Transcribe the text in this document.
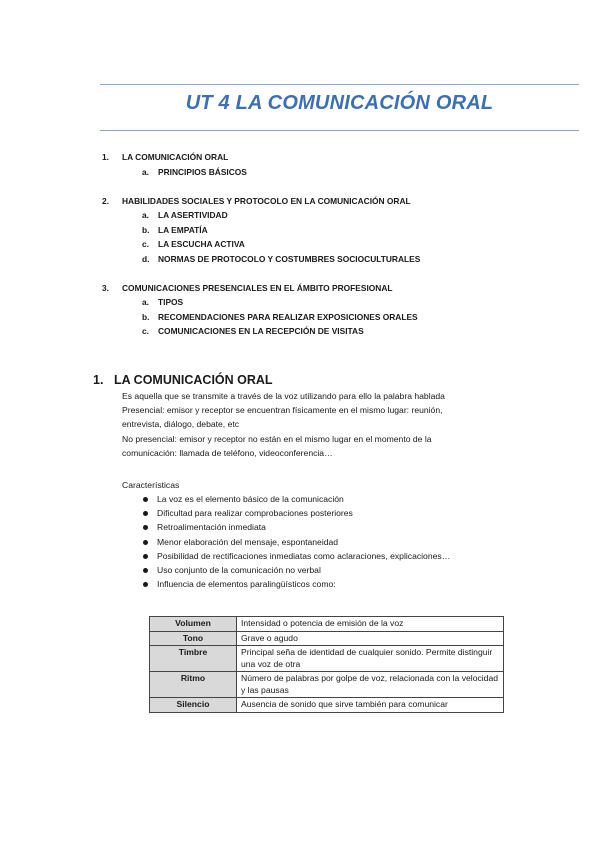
UT 4 LA COMUNICACIÓN ORAL
1. LA COMUNICACIÓN ORAL
a. PRINCIPIOS BÁSICOS
2. HABILIDADES SOCIALES Y PROTOCOLO EN LA COMUNICACIÓN ORAL
a. LA ASERTIVIDAD
b. LA EMPATÍA
c. LA ESCUCHA ACTIVA
d. NORMAS DE PROTOCOLO Y COSTUMBRES SOCIOCULTURALES
3. COMUNICACIONES PRESENCIALES EN EL ÁMBITO PROFESIONAL
a. TIPOS
b. RECOMENDACIONES PARA REALIZAR EXPOSICIONES ORALES
c. COMUNICACIONES EN LA RECEPCIÓN DE VISITAS
1. LA COMUNICACIÓN ORAL

Es aquella que se transmite a través de la voz utilizando para ello la palabra hablada

Presencial: emisor y receptor se encuentran físicamente en el mismo lugar: reunión,

entrevista, diálogo, debate, etc

No presencial: emisor y receptor no están en el mismo lugar en el momento de la

comunicación: llamada de teléfono, videoconferencia…

Características
La voz es el elemento básico de la comunicación
Dificultad para realizar comprobaciones posteriores
Retroalimentación inmediata
Menor elaboración del mensaje, espontaneidad
Posibilidad de rectificaciones inmediatas como aclaraciones, explicaciones…
Uso conjunto de la comunicación no verbal
Influencia de elementos paralingüísticos como:
Volumen	Intensidad o potencia de emisión de la voz
Tono	Grave o agudo
Timbre	Principal seña de identidad de cualquier sonido. Permite distinguir una voz de otra
Ritmo	Número de palabras por golpe de voz, relacionada con la velocidad y las pausas
Silencio	Ausencia de sonido que sirve también para comunicar
